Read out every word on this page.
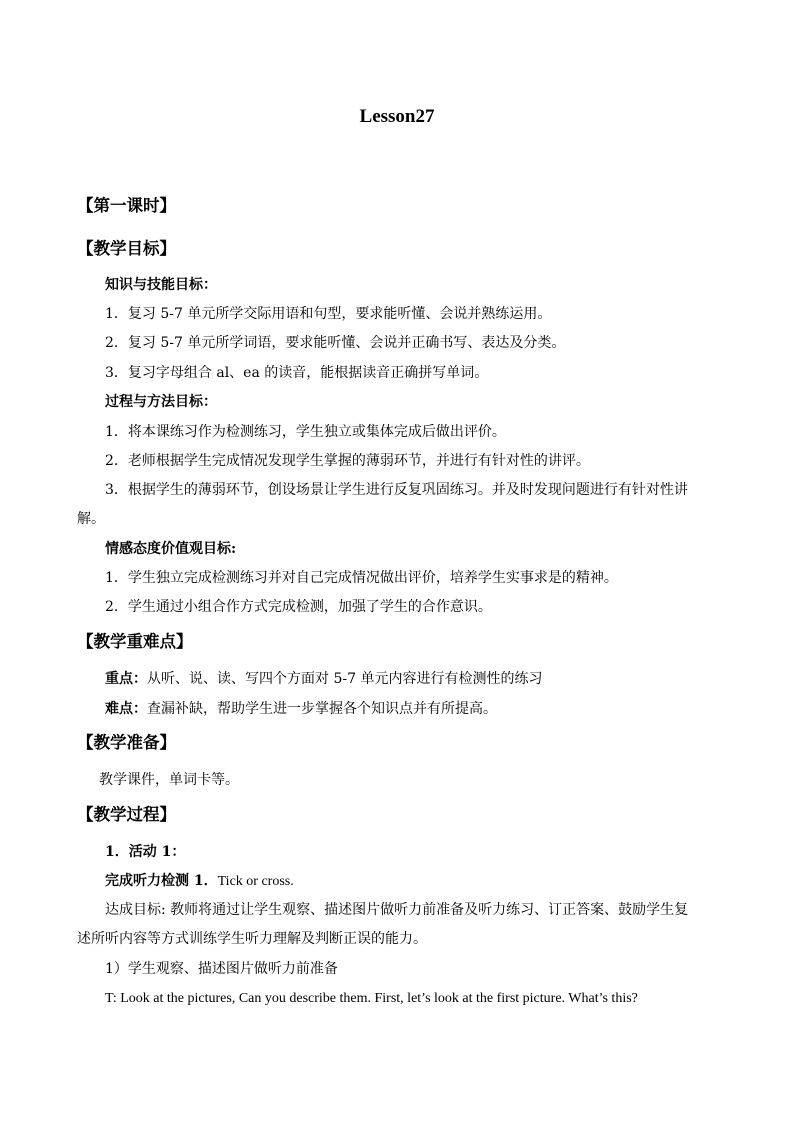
Lesson27
【第一课时】
【教学目标】
知识与技能目标：
1．复习 5-7 单元所学交际用语和句型，要求能听懂、会说并熟练运用。
2．复习 5-7 单元所学词语，要求能听懂、会说并正确书写、表达及分类。
3．复习字母组合 al、ea 的读音，能根据读音正确拼写单词。
过程与方法目标：
1．将本课练习作为检测练习，学生独立或集体完成后做出评价。
2．老师根据学生完成情况发现学生掌握的薄弱环节，并进行有针对性的讲评。
3．根据学生的薄弱环节，创设场景让学生进行反复巩固练习。并及时发现问题进行有针对性讲解。
情感态度价值观目标:
1．学生独立完成检测练习并对自己完成情况做出评价，培养学生实事求是的精神。
2．学生通过小组合作方式完成检测，加强了学生的合作意识。
【教学重难点】
重点：从听、说、读、写四个方面对 5-7 单元内容进行有检测性的练习
难点：查漏补缺，帮助学生进一步掌握各个知识点并有所提高。
【教学准备】
教学课件，单词卡等。
【教学过程】
1．活动 1：
完成听力检测 1．Tick or cross.
达成目标: 教师将通过让学生观察、描述图片做听力前准备及听力练习、订正答案、鼓励学生复述所听内容等方式训练学生听力理解及判断正误的能力。
1）学生观察、描述图片做听力前准备
T: Look at the pictures, Can you describe them. First, let’s look at the first picture. What’s this?
